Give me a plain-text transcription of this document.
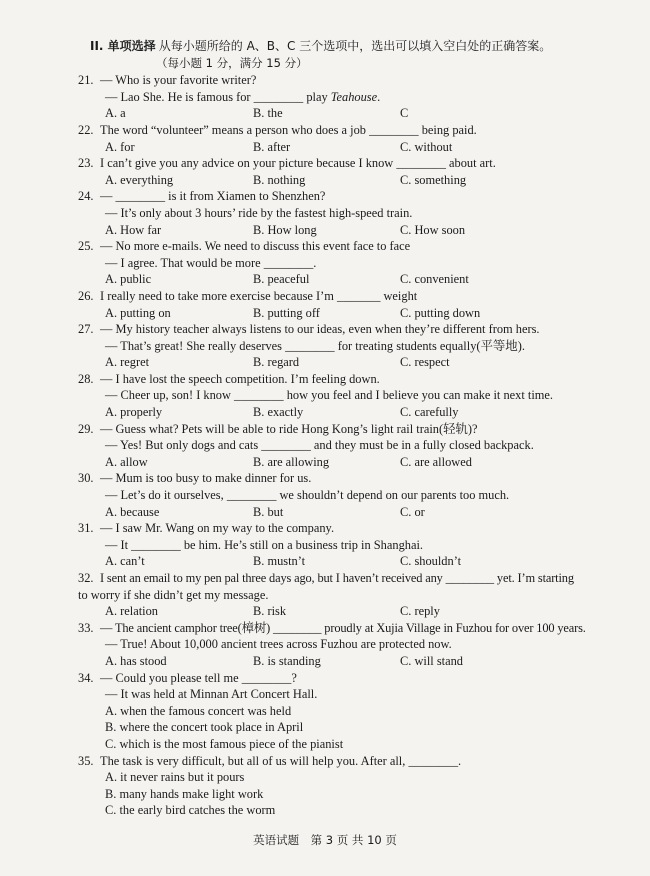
II. 单项选择 从每小题所给的 A、B、C 三个选项中，选出可以填入空白处的正确答案。
（每小题 1 分，满分 15 分）
21. — Who is your favorite writer?
— Lao She. He is famous for ________ play Teahouse.
A. a	B. the	C
22. The word “volunteer” means a person who does a job ________ being paid.
A. for	B. after	C. without
23. I can’t give you any advice on your picture because I know ________ about art.
A. everything	B. nothing	C. something
24. — ________ is it from Xiamen to Shenzhen?
— It’s only about 3 hours’ ride by the fastest high-speed train.
A. How far	B. How long	C. How soon
25. — No more e-mails. We need to discuss this event face to face
— I agree. That would be more ________.
A. public	B. peaceful	C. convenient
26. I really need to take more exercise because I’m _______ weight
A. putting on	B. putting off	C. putting down
27. — My history teacher always listens to our ideas, even when they’re different from hers.
— That’s great! She really deserves ________ for treating students equally(平等地).
A. regret	B. regard	C. respect
28. — I have lost the speech competition. I’m feeling down.
— Cheer up, son! I know ________ how you feel and I believe you can make it next time.
A. properly	B. exactly	C. carefully
29. — Guess what? Pets will be able to ride Hong Kong’s light rail train(轻轨)?
— Yes! But only dogs and cats ________ and they must be in a fully closed backpack.
A. allow	B. are allowing	C. are allowed
30. — Mum is too busy to make dinner for us.
— Let’s do it ourselves, ________ we shouldn’t depend on our parents too much.
A. because	B. but	C. or
31. — I saw Mr. Wang on my way to the company.
— It ________ be him. He’s still on a business trip in Shanghai.
A. can’t	B. mustn’t	C. shouldn’t
32. I sent an email to my pen pal three days ago, but I haven’t received any ________ yet. I’m starting
to worry if she didn’t get my message.
A. relation	B. risk	C. reply
33. — The ancient camphor tree(樟树) ________ proudly at Xujia Village in Fuzhou for over 100 years.
— True! About 10,000 ancient trees across Fuzhou are protected now.
A. has stood	B. is standing	C. will stand
34. — Could you please tell me ________?
— It was held at Minnan Art Concert Hall.
A. when the famous concert was held
B. where the concert took place in April
C. which is the most famous piece of the pianist
35. The task is very difficult, but all of us will help you. After all, ________.
A. it never rains but it pours
B. many hands make light work
C. the early bird catches the worm
英语试题　第 3 页 共 10 页
